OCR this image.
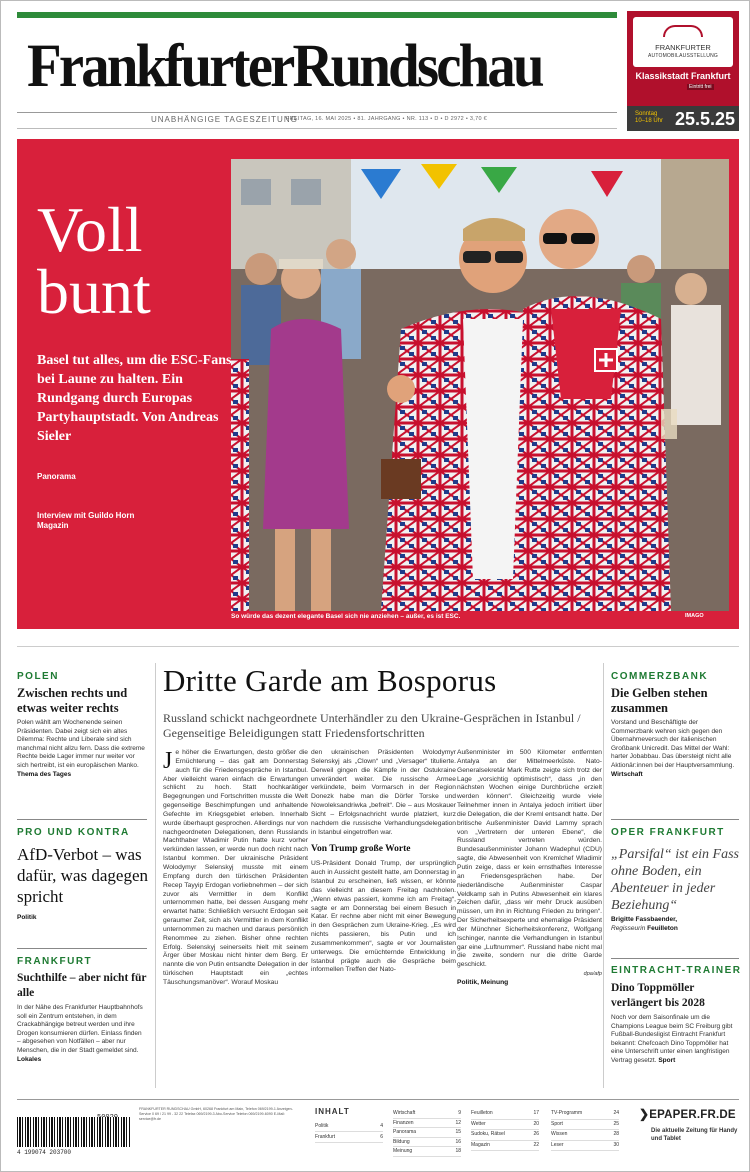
FrankfurterRundschau
UNABHÄNGIGE TAGESZEITUNG
FREITAG, 16. MAI 2025 • 81. JAHRGANG • NR. 113 • D • D 2972 • 3,70 €
FRANKFURTER
AUTOMOBILAUSSTELLUNG
Klassikstadt Frankfurt
Eintritt frei
Sonntag
10–18 Uhr 25.5.25
Voll
bunt
Basel tut alles, um die ESC-Fans bei Laune zu halten. Ein Rundgang durch Europas Partyhauptstadt. Von Andreas Sieler
Panorama
Interview mit Guildo Horn
Magazin
So würde das dezent elegante Basel sich nie anziehen – außer, es ist ESC.	IMAGO
POLEN
Zwischen rechts und etwas weiter rechts
Polen wählt am Wochenende seinen Präsidenten. Dabei zeigt sich ein altes Dilemma: Rechte und Liberale sind sich manchmal nicht allzu fern. Dass die extreme Rechte beide Lager immer nur weiter vor sich hertreibt, ist ein europäischen Manko. Thema des Tages
PRO UND KONTRA
AfD-Verbot – was dafür, was dagegen spricht
Politik
FRANKFURT
Suchthilfe – aber nicht für alle
In der Nähe des Frankfurter Hauptbahnhofs soll ein Zentrum entstehen, in dem Crackabhängige betreut werden und ihre Drogen konsumieren dürfen. Einlass finden – abgesehen von Notfällen – aber nur Menschen, die in der Stadt gemeldet sind. Lokales
Dritte Garde am Bosporus
Russland schickt nachgeordnete Unterhändler zu den Ukraine-Gesprächen in Istanbul / Gegenseitige Beleidigungen statt Friedensfortschritten
Je höher die Erwartungen, desto größer die Ernüchterung – das galt am Donnerstag auch für die Friedensgespräche in Istanbul. Aber vielleicht waren einfach die Erwartungen schlicht zu hoch. Statt hochkarätiger Begegnungen und Fortschritten musste die Welt gegenseitige Beschimpfungen und anhaltende Gefechte im Kriegsgebiet erleben. Innerhalb wurde überhaupt gesprochen. Allerdings nur von nachgeordneten Delegationen, denn Russlands Machthaber Wladimir Putin hatte kurz vorher verkünden lassen, er werde nun doch nicht nach Istanbul kommen. Der ukrainische Präsident Wolodymyr Selenskyj musste mit einem Empfang durch den türkischen Präsidenten Recep Tayyip Erdogan vorliebnehmen – der sich zuvor als Vermittler in dem Konflikt unternommen hatte, bei dessen Ausgang mehr erwartet hatte: Schließlich versucht Erdogan seit geraumer Zeit, sich als Vermittler in dem Konflikt unternommen zu machen und daraus persönlich Renommee zu ziehen. Bisher ohne rechten Erfolg. Selenskyj seinerseits hielt mit seinem Ärger über Moskau nicht hinter dem Berg. Er nannte die von Putin entsandte Delegation in der türkischen Hauptstadt ein „echtes Täuschungsmanöver“. Worauf Moskau
den ukrainischen Präsidenten Wolodymyr Selenskyj als „Clown“ und „Versager“ titulierte. Derweil gingen die Kämpfe in der Ostukraine unverändert weiter. Die russische Armee verkündete, beim Vormarsch in der Region Donezk habe man die Dörfer Torske und Nowoleksandriwka „befreit“. Die – aus Moskauer Sicht – Erfolgsnachricht wurde platziert, kurz nachdem die russische Verhandlungsdelegation in Istanbul eingetroffen war.
Von Trump große Worte
US-Präsident Donald Trump, der ursprünglich auch in Aussicht gestellt hatte, am Donnerstag in Istanbul zu erscheinen, ließ wissen, er könnte das vielleicht an diesem Freitag nachholen. „Wenn etwas passiert, komme ich am Freitag“, sagte er am Donnerstag bei einem Besuch in Katar. Er rechne aber nicht mit einer Bewegung in den Gesprächen zum Ukraine-Krieg. „Es wird nichts passieren, bis Putin und ich zusammenkommen“, sagte er vor Journalisten unterwegs. Die ernüchternde Entwicklung in Istanbul prägte auch die Gespräche beim informellen Treffen der Nato-
Außenminister im 500 Kilometer entfernten Antalya an der Mittelmeerküste. Nato-Generalsekretär Mark Rutte zeigte sich trotz der Lage „vorsichtig optimistisch“, dass „in den nächsten Wochen einige Durchbrüche erzielt werden können“. Gleichzeitig wurde viele Teilnehmer innen in Antalya jedoch irritiert über die Delegation, die der Kreml entsandt hatte. Der britische Außenminister David Lammy sprach von „Vertretern der unteren Ebene“, die Russland vertreten würden. Bundesaußenminister Johann Wadephul (CDU) sagte, die Abwesenheit von Kremlchef Wladimir Putin zeige, dass er kein ernsthaftes Interesse an Friedensgesprächen habe. Der niederländische Außenminister Caspar Veldkamp sah in Putins Abwesenheit ein klares Zeichen dafür, „dass wir mehr Druck ausüben müssen, um ihn in Richtung Frieden zu bringen“. Der Sicherheitsexperte und ehemalige Präsident der Münchner Sicherheitskonferenz, Wolfgang Ischinger, nannte die Verhandlungen in Istanbul gar eine „Luftnummer“. Russland habe nicht mal die zweite, sondern nur die dritte Garde geschickt.
dpa/afp
Politik, Meinung
COMMERZBANK
Die Gelben stehen zusammen
Vorstand und Beschäftigte der Commerzbank wehren sich gegen den Übernahmeversuch der italienischen Großbank Unicredit. Das Mittel der Wahl: harter Jobabbau. Das übersteigt nicht alle Aktionär:innen bei der Hauptversammlung. Wirtschaft
OPER FRANKFURT
„Parsifal“ ist ein Fass ohne Boden, ein Abenteuer in jeder Beziehung“
Brigitte Fassbaender,
Regisseurin Feuilleton
EINTRACHT-TRAINER
Dino Toppmöller verlängert bis 2028
Noch vor dem Saisonfinale um die Champions League beim SC Freiburg gibt Fußball-Bundesligist Eintracht Frankfurt bekannt: Chefcoach Dino Toppmöller hat eine Unterschrift unter einen langfristigen Vertrag gesetzt. Sport
4 199074 203700
FRANKFURTER RUNDSCHAU GmbH, 60268 Frankfurt am Main, Telefon 069/2199-1 Anzeigen-Service 0 69 / 21 99 - 32 22 Telefax 069/2199-3 Abo-Service Telefon 069/2199-6090 E-Mail: service@fr.de
INHALT
Politik	4
Frankfurt	6
Wirtschaft	9
Finanzen	12
Panorama	15
Bildung	16
Meinung	18
Feuilleton	17
Wetter	20
Sudoku, Rätsel	26
Magazin	22
TV-Programm	24
Sport	25
Wissen	28
Leser	30
❯EPAPER.FR.DE
Die aktuelle Zeitung für Handy und Tablet
